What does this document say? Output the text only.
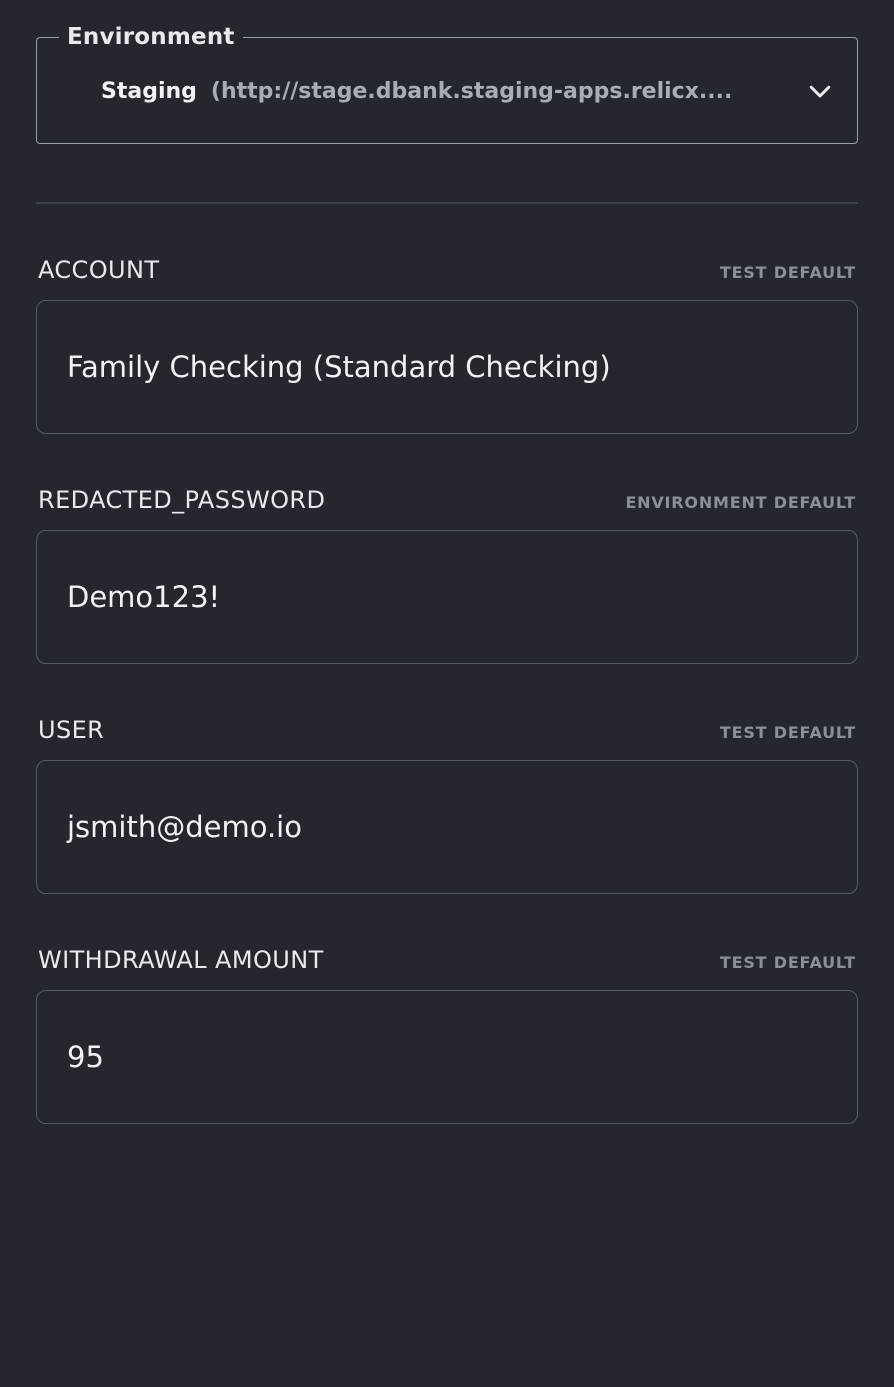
Environment
Staging (http://stage.dbank.staging-apps.relicx....
ACCOUNT	TEST DEFAULT
Family Checking (Standard Checking)
REDACTED_PASSWORD	ENVIRONMENT DEFAULT
Demo123!
USER	TEST DEFAULT
jsmith@demo.io
WITHDRAWAL AMOUNT	TEST DEFAULT
95
